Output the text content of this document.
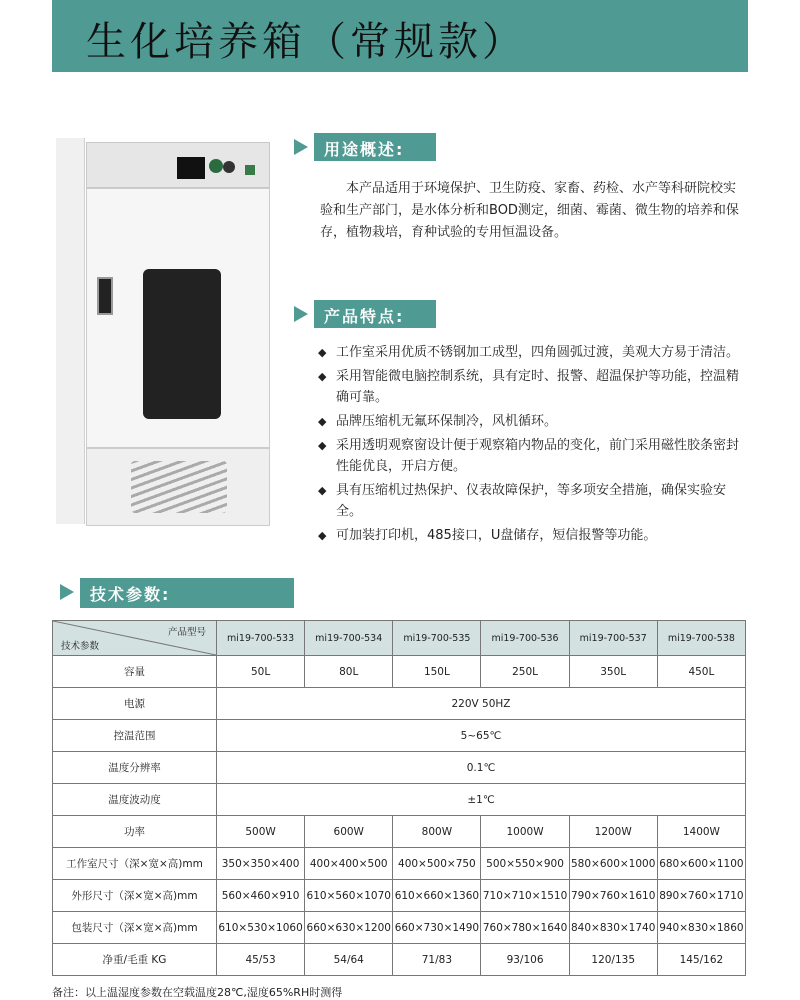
生化培养箱（常规款）
用途概述:

本产品适用于环境保护、卫生防疫、家畜、药检、水产等科研院校实验和生产部门，是水体分析和BOD测定，细菌、霉菌、微生物的培养和保存，植物栽培，育种试验的专用恒温设备。

产品特点:
◆ 工作室采用优质不锈钢加工成型，四角圆弧过渡，美观大方易于清洁。
◆ 采用智能微电脑控制系统，具有定时、报警、超温保护等功能，控温精确可靠。
◆ 品牌压缩机无氟环保制冷，风机循环。
◆ 采用透明观察窗设计便于观察箱内物品的变化，前门采用磁性胶条密封性能优良，开启方便。
◆ 具有压缩机过热保护、仪表故障保护，等多项安全措施，确保实验安全。
◆ 可加装打印机，485接口，U盘储存，短信报警等功能。
技术参数:
产品型号
技术参数	mi19-700-533	mi19-700-534	mi19-700-535	mi19-700-536	mi19-700-537	mi19-700-538
容量	50L	80L	150L	250L	350L	450L
电源	220V 50HZ					
控温范围	5~65℃					
温度分辨率	0.1℃					
温度波动度	±1℃					
功率	500W	600W	800W	1000W	1200W	1400W
工作室尺寸（深×宽×高)mm	350×350×400	400×400×500	400×500×750	500×550×900	580×600×1000	680×600×1100
外形尺寸（深×宽×高)mm	560×460×910	610×560×1070	610×660×1360	710×710×1510	790×760×1610	890×760×1710
包装尺寸（深×宽×高)mm	610×530×1060	660×630×1200	660×730×1490	760×780×1640	840×830×1740	940×830×1860
净重/毛重 KG	45/53	54/64	71/83	93/106	120/135	145/162
备注：以上温湿度参数在空载温度28℃,湿度65%RH时测得
